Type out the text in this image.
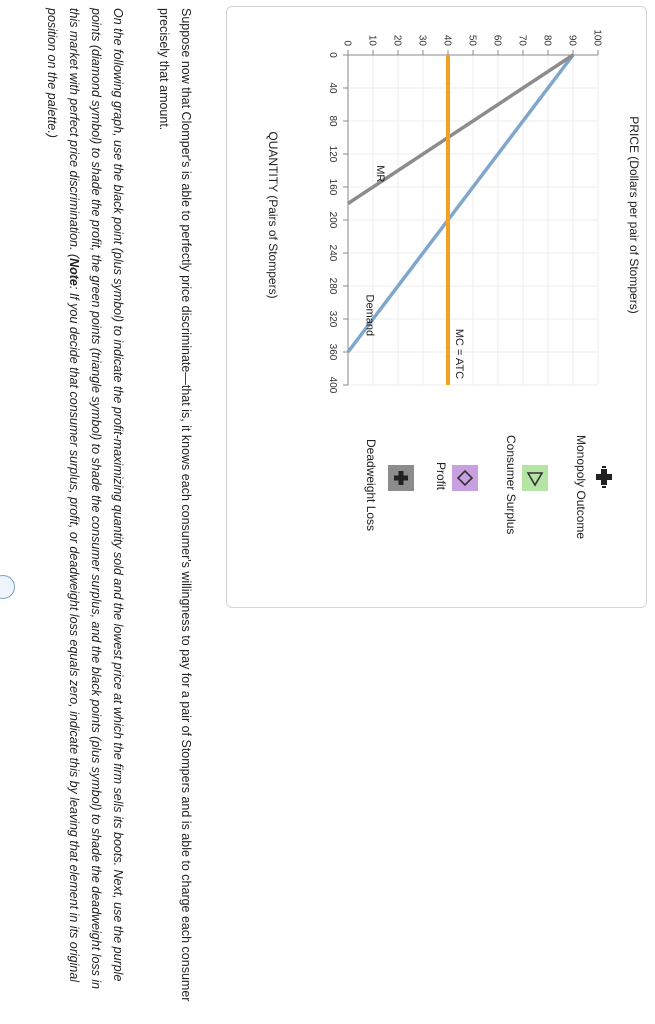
0
40
80
120
160
200
240
280
320
360
400
0 10 20 30 40 50 60 70 80 90 100
Demand
MR
MC = ATC
PRICE (Dollars per pair of Stompers)
QUANTITY (Pairs of Stompers)
Monopoly Outcome
Consumer Surplus
Profit
Deadweight Loss
Suppose now that Clomper's is able to perfectly price discriminate—that is, it knows each consumer's willingness to pay for a pair of Stompers and is able to charge each consumer precisely that amount.
On the following graph, use the black point (plus symbol) to indicate the profit-maximizing quantity sold and the lowest price at which the firm sells its boots. Next, use the purple points (diamond symbol) to shade the profit, the green points (triangle symbol) to shade the consumer surplus, and the black points (plus symbol) to shade the deadweight loss in this market with perfect price discrimination. (Note: If you decide that consumer surplus, profit, or deadweight loss equals zero, indicate this by leaving that element in its original position on the palette.)
